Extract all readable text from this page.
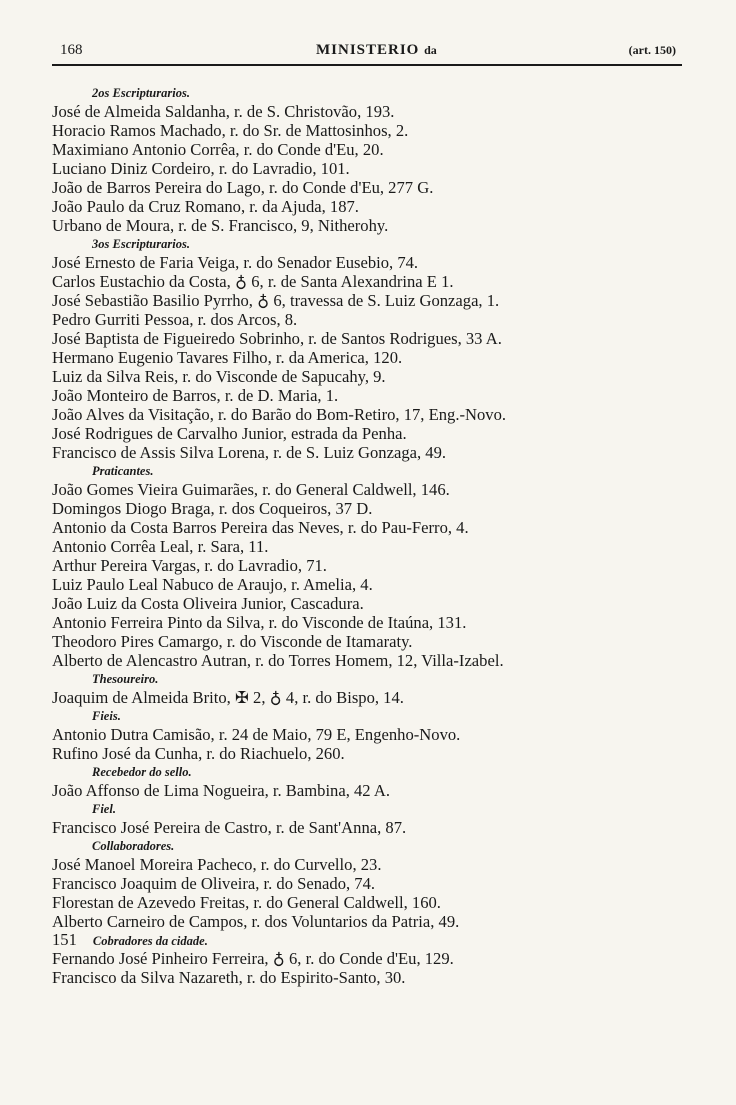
168	MINISTERIO da	(art. 150)
2os Escripturarios.
José de Almeida Saldanha, r. de S. Christovão, 193.
Horacio Ramos Machado, r. do Sr. de Mattosinhos, 2.
Maximiano Antonio Corrêa, r. do Conde d'Eu, 20.
Luciano Diniz Cordeiro, r. do Lavradio, 101.
João de Barros Pereira do Lago, r. do Conde d'Eu, 277 G.
João Paulo da Cruz Romano, r. da Ajuda, 187.
Urbano de Moura, r. de S. Francisco, 9, Nitherohy.
3os Escripturarios.
José Ernesto de Faria Veiga, r. do Senador Eusebio, 74.
Carlos Eustachio da Costa, ♁ 6, r. de Santa Alexandrina E 1.
José Sebastião Basilio Pyrrho, ♁ 6, travessa de S. Luiz Gonzaga, 1.
Pedro Gurriti Pessoa, r. dos Arcos, 8.
José Baptista de Figueiredo Sobrinho, r. de Santos Rodrigues, 33 A.
Hermano Eugenio Tavares Filho, r. da America, 120.
Luiz da Silva Reis, r. do Visconde de Sapucahy, 9.
João Monteiro de Barros, r. de D. Maria, 1.
João Alves da Visitação, r. do Barão do Bom-Retiro, 17, Eng.-Novo.
José Rodrigues de Carvalho Junior, estrada da Penha.
Francisco de Assis Silva Lorena, r. de S. Luiz Gonzaga, 49.
Praticantes.
João Gomes Vieira Guimarães, r. do General Caldwell, 146.
Domingos Diogo Braga, r. dos Coqueiros, 37 D.
Antonio da Costa Barros Pereira das Neves, r. do Pau-Ferro, 4.
Antonio Corrêa Leal, r. Sara, 11.
Arthur Pereira Vargas, r. do Lavradio, 71.
Luiz Paulo Leal Nabuco de Araujo, r. Amelia, 4.
João Luiz da Costa Oliveira Junior, Cascadura.
Antonio Ferreira Pinto da Silva, r. do Visconde de Itaúna, 131.
Theodoro Pires Camargo, r. do Visconde de Itamaraty.
Alberto de Alencastro Autran, r. do Torres Homem, 12, Villa-Izabel.
Thesoureiro.
Joaquim de Almeida Brito, ✠ 2, ♁ 4, r. do Bispo, 14.
Fieis.
Antonio Dutra Camisão, r. 24 de Maio, 79 E, Engenho-Novo.
Rufino José da Cunha, r. do Riachuelo, 260.
Recebedor do sello.
João Affonso de Lima Nogueira, r. Bambina, 42 A.
Fiel.
Francisco José Pereira de Castro, r. de Sant'Anna, 87.
Collaboradores.
José Manoel Moreira Pacheco, r. do Curvello, 23.
Francisco Joaquim de Oliveira, r. do Senado, 74.
Florestan de Azevedo Freitas, r. do General Caldwell, 160.
Alberto Carneiro de Campos, r. dos Voluntarios da Patria, 49.
151 Cobradores da cidade.
Fernando José Pinheiro Ferreira, ♁ 6, r. do Conde d'Eu, 129.
Francisco da Silva Nazareth, r. do Espirito-Santo, 30.
